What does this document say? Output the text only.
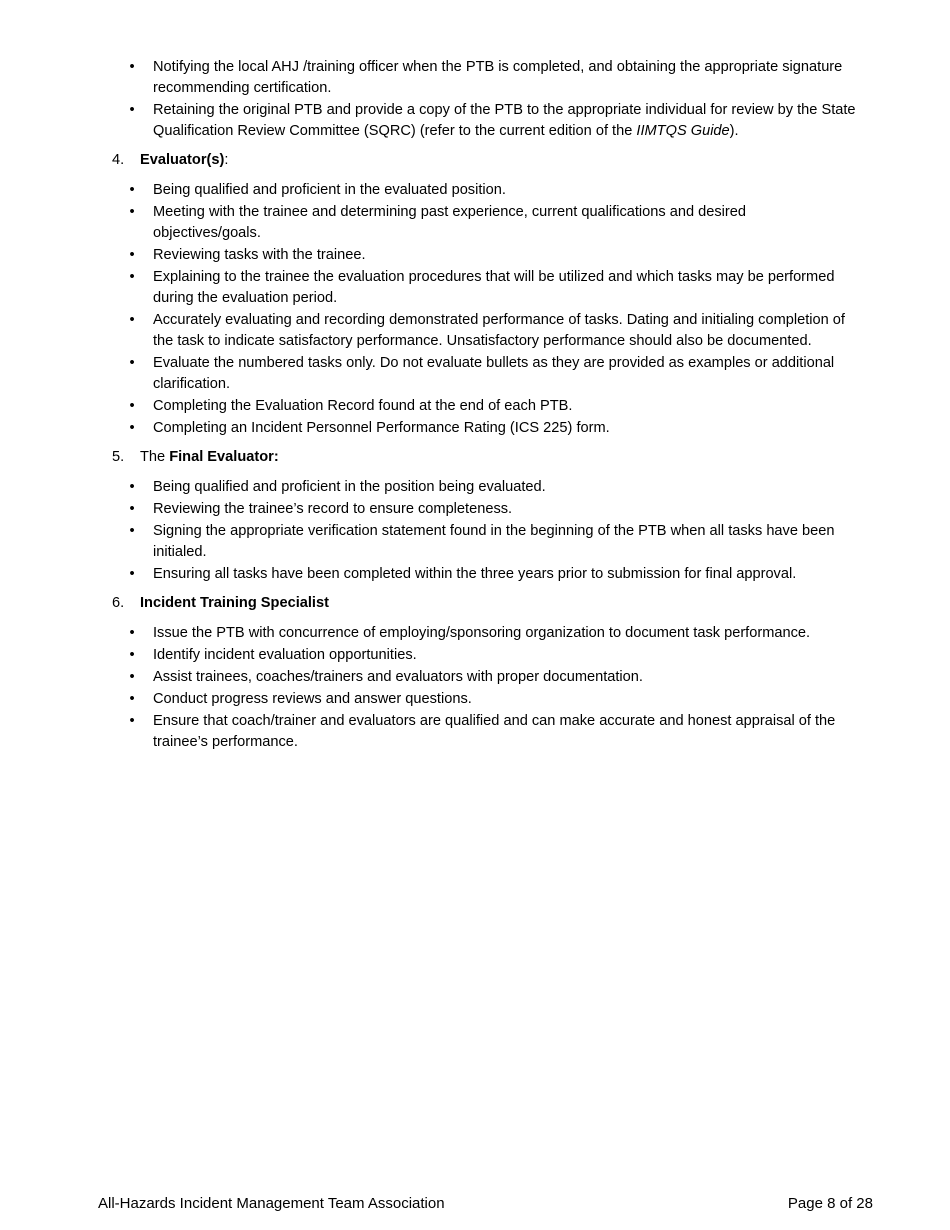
•	Notifying the local AHJ /training officer when the PTB is completed, and obtaining the appropriate signature recommending certification.
•	Retaining the original PTB and provide a copy of the PTB to the appropriate individual for review by the State Qualification Review Committee (SQRC) (refer to the current edition of the IIMTQS Guide).
4. Evaluator(s):
•	Being qualified and proficient in the evaluated position.
•	Meeting with the trainee and determining past experience, current qualifications and desired objectives/goals.
•	Reviewing tasks with the trainee.
•	Explaining to the trainee the evaluation procedures that will be utilized and which tasks may be performed during the evaluation period.
•	Accurately evaluating and recording demonstrated performance of tasks. Dating and initialing completion of the task to indicate satisfactory performance. Unsatisfactory performance should also be documented.
•	Evaluate the numbered tasks only. Do not evaluate bullets as they are provided as examples or additional clarification.
•	Completing the Evaluation Record found at the end of each PTB.
•	Completing an Incident Personnel Performance Rating (ICS 225) form.
5. The Final Evaluator:
•	Being qualified and proficient in the position being evaluated.
•	Reviewing the trainee’s record to ensure completeness.
•	Signing the appropriate verification statement found in the beginning of the PTB when all tasks have been initialed.
•	Ensuring all tasks have been completed within the three years prior to submission for final approval.
6. Incident Training Specialist
•	Issue the PTB with concurrence of employing/sponsoring organization to document task performance.
•	Identify incident evaluation opportunities.
•	Assist trainees, coaches/trainers and evaluators with proper documentation.
•	Conduct progress reviews and answer questions.
•	Ensure that coach/trainer and evaluators are qualified and can make accurate and honest appraisal of the trainee’s performance.
All-Hazards Incident Management Team Association	Page 8 of 28
